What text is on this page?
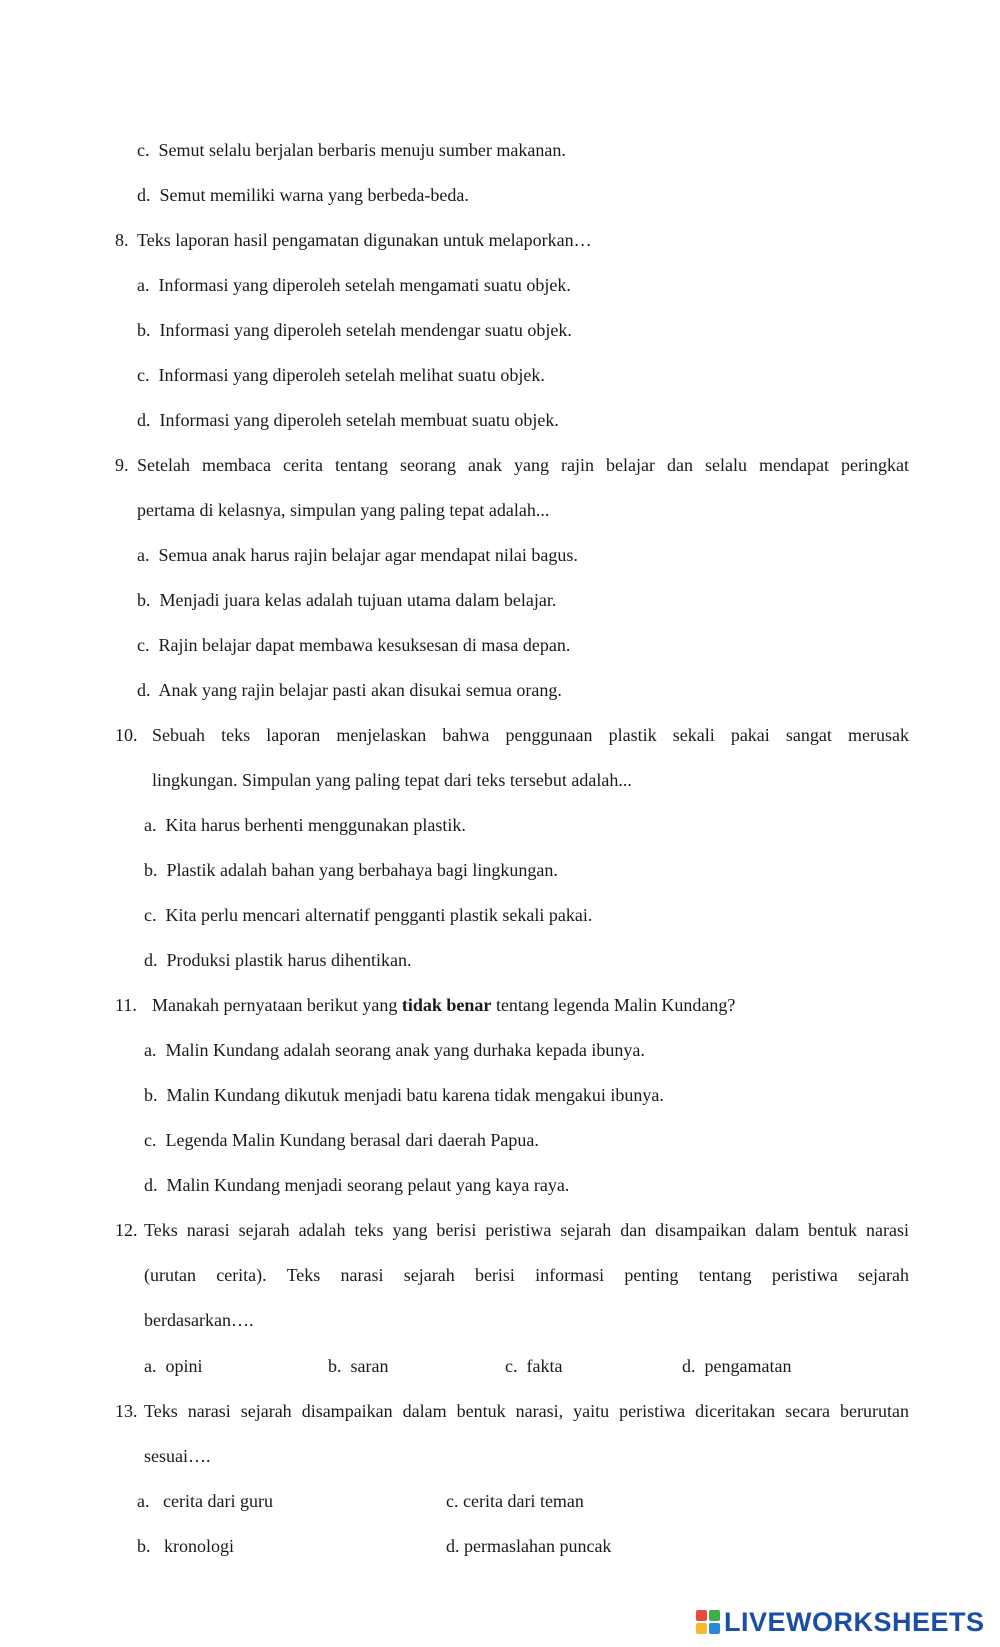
c. Semut selalu berjalan berbaris menuju sumber makanan.
d. Semut memiliki warna yang berbeda-beda.
8. Teks laporan hasil pengamatan digunakan untuk melaporkan…
a. Informasi yang diperoleh setelah mengamati suatu objek.
b. Informasi yang diperoleh setelah mendengar suatu objek.
c. Informasi yang diperoleh setelah melihat suatu objek.
d. Informasi yang diperoleh setelah membuat suatu objek.
9. Setelah membaca cerita tentang seorang anak yang rajin belajar dan selalu mendapat peringkat
pertama di kelasnya, simpulan yang paling tepat adalah...
a. Semua anak harus rajin belajar agar mendapat nilai bagus.
b. Menjadi juara kelas adalah tujuan utama dalam belajar.
c. Rajin belajar dapat membawa kesuksesan di masa depan.
d. Anak yang rajin belajar pasti akan disukai semua orang.
10. Sebuah teks laporan menjelaskan bahwa penggunaan plastik sekali pakai sangat merusak
lingkungan. Simpulan yang paling tepat dari teks tersebut adalah...
a. Kita harus berhenti menggunakan plastik.
b. Plastik adalah bahan yang berbahaya bagi lingkungan.
c. Kita perlu mencari alternatif pengganti plastik sekali pakai.
d. Produksi plastik harus dihentikan.
11. Manakah pernyataan berikut yang tidak benar tentang legenda Malin Kundang?
a. Malin Kundang adalah seorang anak yang durhaka kepada ibunya.
b. Malin Kundang dikutuk menjadi batu karena tidak mengakui ibunya.
c. Legenda Malin Kundang berasal dari daerah Papua.
d. Malin Kundang menjadi seorang pelaut yang kaya raya.
12. Teks narasi sejarah adalah teks yang berisi peristiwa sejarah dan disampaikan dalam bentuk narasi
(urutan cerita). Teks narasi sejarah berisi informasi penting tentang peristiwa sejarah
berdasarkan….
a. opini	b. saran	c. fakta	d. pengamatan
13. Teks narasi sejarah disampaikan dalam bentuk narasi, yaitu peristiwa diceritakan secara berurutan
sesuai….
a. cerita dari guru
b. kronologi
c. cerita dari teman
d. permaslahan puncak
LIVEWORKSHEETS
